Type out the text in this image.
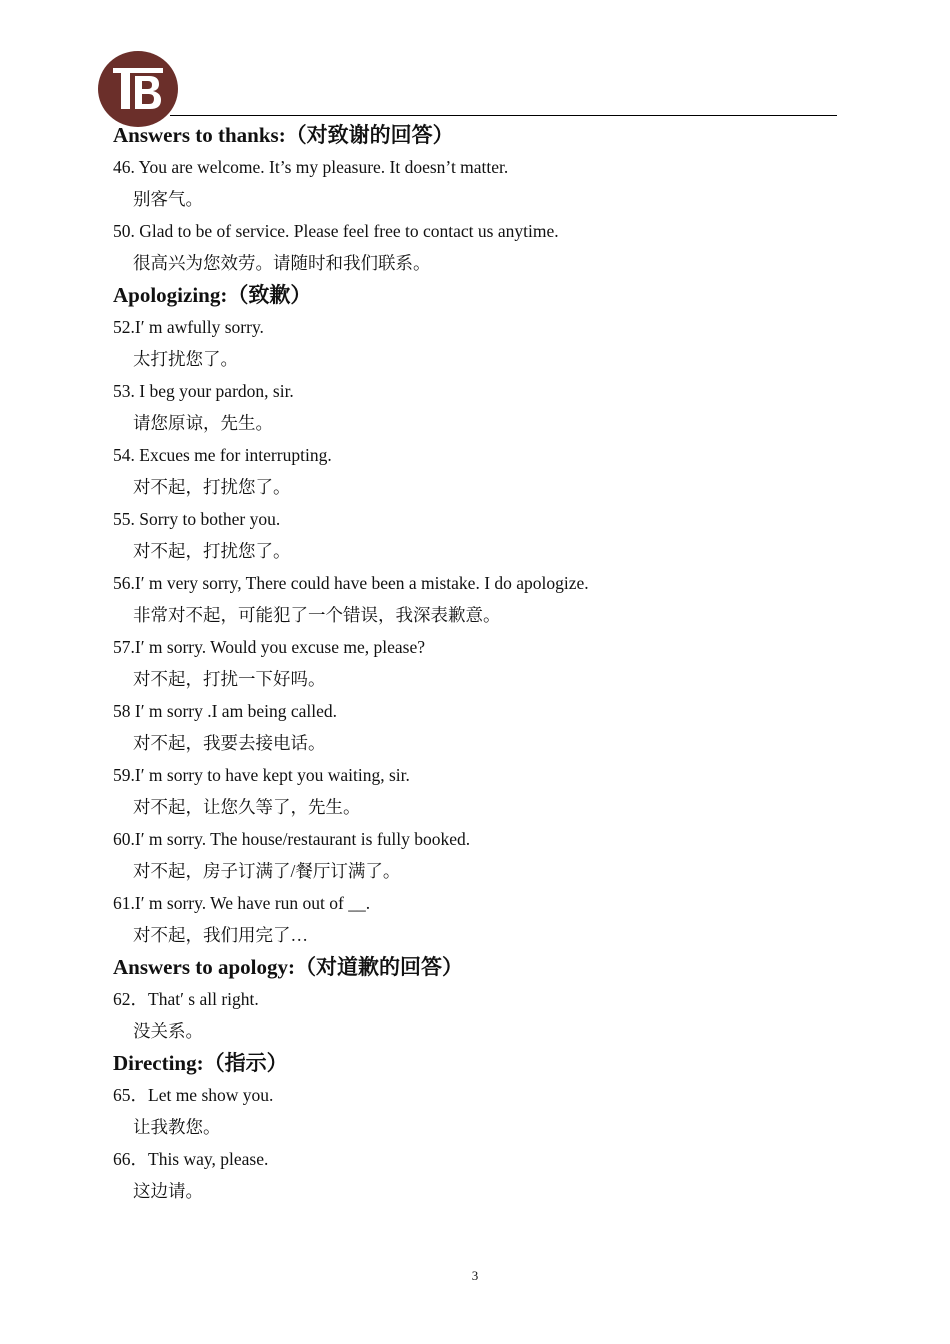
Answers to thanks:（对致谢的回答）
46. You are welcome. It’s my pleasure. It doesn’t matter.
别客气。
50. Glad to be of service. Please feel free to contact us anytime.
很高兴为您效劳。请随时和我们联系。
Apologizing:（致歉）
52.I′ m awfully sorry.
太打扰您了。
53. I beg your pardon, sir.
请您原谅，先生。
54. Excues me for interrupting.
对不起，打扰您了。
55. Sorry to bother you.
对不起，打扰您了。
56.I′ m very sorry, There could have been a mistake. I do apologize.
非常对不起，可能犯了一个错误，我深表歉意。
57.I′ m sorry. Would you excuse me, please?
对不起，打扰一下好吗。
58 I′ m sorry .I am being called.
对不起，我要去接电话。
59.I′ m sorry to have kept you waiting, sir.
对不起，让您久等了，先生。
60.I′ m sorry. The house/restaurant is fully booked.
对不起，房子订满了/餐厅订满了。
61.I′ m sorry. We have run out of __.
对不起，我们用完了…
Answers to apology:（对道歉的回答）
62．That′ s all right.
没关系。
Directing:（指示）
65．Let me show you.
让我教您。
66．This way, please.
这边请。
3
